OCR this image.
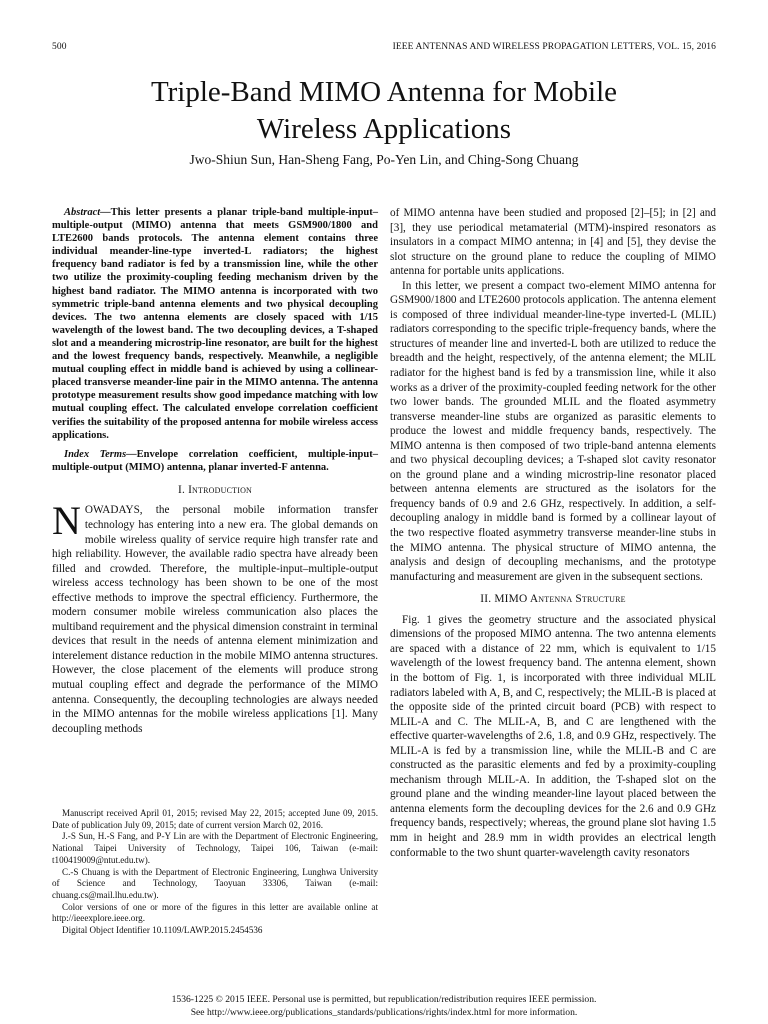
500	IEEE ANTENNAS AND WIRELESS PROPAGATION LETTERS, VOL. 15, 2016
Triple-Band MIMO Antenna for Mobile
Wireless Applications
Jwo-Shiun Sun, Han-Sheng Fang, Po-Yen Lin, and Ching-Song Chuang

Abstract—This letter presents a planar triple-band multiple-input–multiple-output (MIMO) antenna that meets GSM900/1800 and LTE2600 bands protocols. The antenna element contains three individual meander-line-type inverted-L radiators; the highest frequency band radiator is fed by a transmission line, while the other two utilize the proximity-coupling feeding mechanism driven by the highest band radiator. The MIMO antenna is incorporated with two symmetric triple-band antenna elements and two physical decoupling devices. The two antenna elements are closely spaced with 1/15 wavelength of the lowest band. The two decoupling devices, a T-shaped slot and a meandering microstrip-line resonator, are built for the highest and the lowest frequency bands, respectively. Meanwhile, a negligible mutual coupling effect in middle band is achieved by using a collinear-placed transverse meander-line pair in the MIMO antenna. The antenna prototype measurement results show good impedance matching with low mutual coupling effect. The calculated envelope correlation coefficient verifies the suitability of the proposed antenna for mobile wireless access applications.

Index Terms—Envelope correlation coefficient, multiple-input–multiple-output (MIMO) antenna, planar inverted-F antenna.

I. Introduction

NOWADAYS, the personal mobile information transfer technology has entering into a new era. The global demands on mobile wireless quality of service require high transfer rate and high reliability. However, the available radio spectra have already been filled and crowded. Therefore, the multiple-input–multiple-output wireless access technology has been shown to be one of the most effective methods to improve the spectral efficiency. Furthermore, the modern consumer mobile wireless communication also places the multiband requirement and the physical dimension constraint in terminal devices that result in the needs of antenna element minimization and interelement distance reduction in the mobile MIMO antenna structures. However, the close placement of the elements will produce strong mutual coupling effect and degrade the performance of the MIMO antenna. Consequently, the decoupling technologies are always needed in the MIMO antennas for the mobile wireless applications [1]. Many decoupling methods

Manuscript received April 01, 2015; revised May 22, 2015; accepted June 09, 2015. Date of publication July 09, 2015; date of current version March 02, 2016.

J.-S Sun, H.-S Fang, and P-Y Lin are with the Department of Electronic Engineering, National Taipei University of Technology, Taipei 106, Taiwan (e-mail: t100419009@ntut.edu.tw).

C.-S Chuang is with the Department of Electronic Engineering, Lunghwa University of Science and Technology, Taoyuan 33306, Taiwan (e-mail: chuang.cs@mail.lhu.edu.tw).

Color versions of one or more of the figures in this letter are available online at http://ieeexplore.ieee.org.

Digital Object Identifier 10.1109/LAWP.2015.2454536

of MIMO antenna have been studied and proposed [2]–[5]; in [2] and [3], they use periodical metamaterial (MTM)-inspired resonators as insulators in a compact MIMO antenna; in [4] and [5], they devise the slot structure on the ground plane to reduce the coupling of MIMO antenna for portable units applications.

In this letter, we present a compact two-element MIMO antenna for GSM900/1800 and LTE2600 protocols application. The antenna element is composed of three individual meander-line-type inverted-L (MLIL) radiators corresponding to the specific triple-frequency bands, where the structures of meander line and inverted-L both are utilized to reduce the breadth and the height, respectively, of the antenna element; the MLIL radiator for the highest band is fed by a transmission line, while it also works as a driver of the proximity-coupled feeding network for the other two lower bands. The grounded MLIL and the floated asymmetry transverse meander-line stubs are organized as parasitic elements to produce the lowest and middle frequency bands, respectively. The MIMO antenna is then composed of two triple-band antenna elements and two physical decoupling devices; a T-shaped slot cavity resonator on the ground plane and a winding microstrip-line resonator placed between antenna elements are structured as the isolators for the frequency bands of 0.9 and 2.6 GHz, respectively. In addition, a self-decoupling analogy in middle band is formed by a collinear layout of the two respective floated asymmetry transverse meander-line stubs in the MIMO antenna. The physical structure of MIMO antenna, the analysis and design of decoupling mechanisms, and the prototype manufacturing and measurement are given in the subsequent sections.

II. MIMO Antenna Structure

Fig. 1 gives the geometry structure and the associated physical dimensions of the proposed MIMO antenna. The two antenna elements are spaced with a distance of 22 mm, which is equivalent to 1/15 wavelength of the lowest frequency band. The antenna element, shown in the bottom of Fig. 1, is incorporated with three individual MLIL radiators labeled with A, B, and C, respectively; the MLIL-B is placed at the opposite side of the printed circuit board (PCB) with respect to MLIL-A and C. The MLIL-A, B, and C are lengthened with the effective quarter-wavelengths of 2.6, 1.8, and 0.9 GHz, respectively. The MLIL-A is fed by a transmission line, while the MLIL-B and C are constructed as the parasitic elements and fed by a proximity-coupling mechanism through MLIL-A. In addition, the T-shaped slot on the ground plane and the winding meander-line layout placed between the antenna elements form the decoupling devices for the 2.6 and 0.9 GHz frequency bands, respectively; whereas, the ground plane slot having 1.5 mm in height and 28.9 mm in width provides an electrical length conformable to the two shunt quarter-wavelength cavity resonators

1536-1225 © 2015 IEEE. Personal use is permitted, but republication/redistribution requires IEEE permission.
See http://www.ieee.org/publications_standards/publications/rights/index.html for more information.
